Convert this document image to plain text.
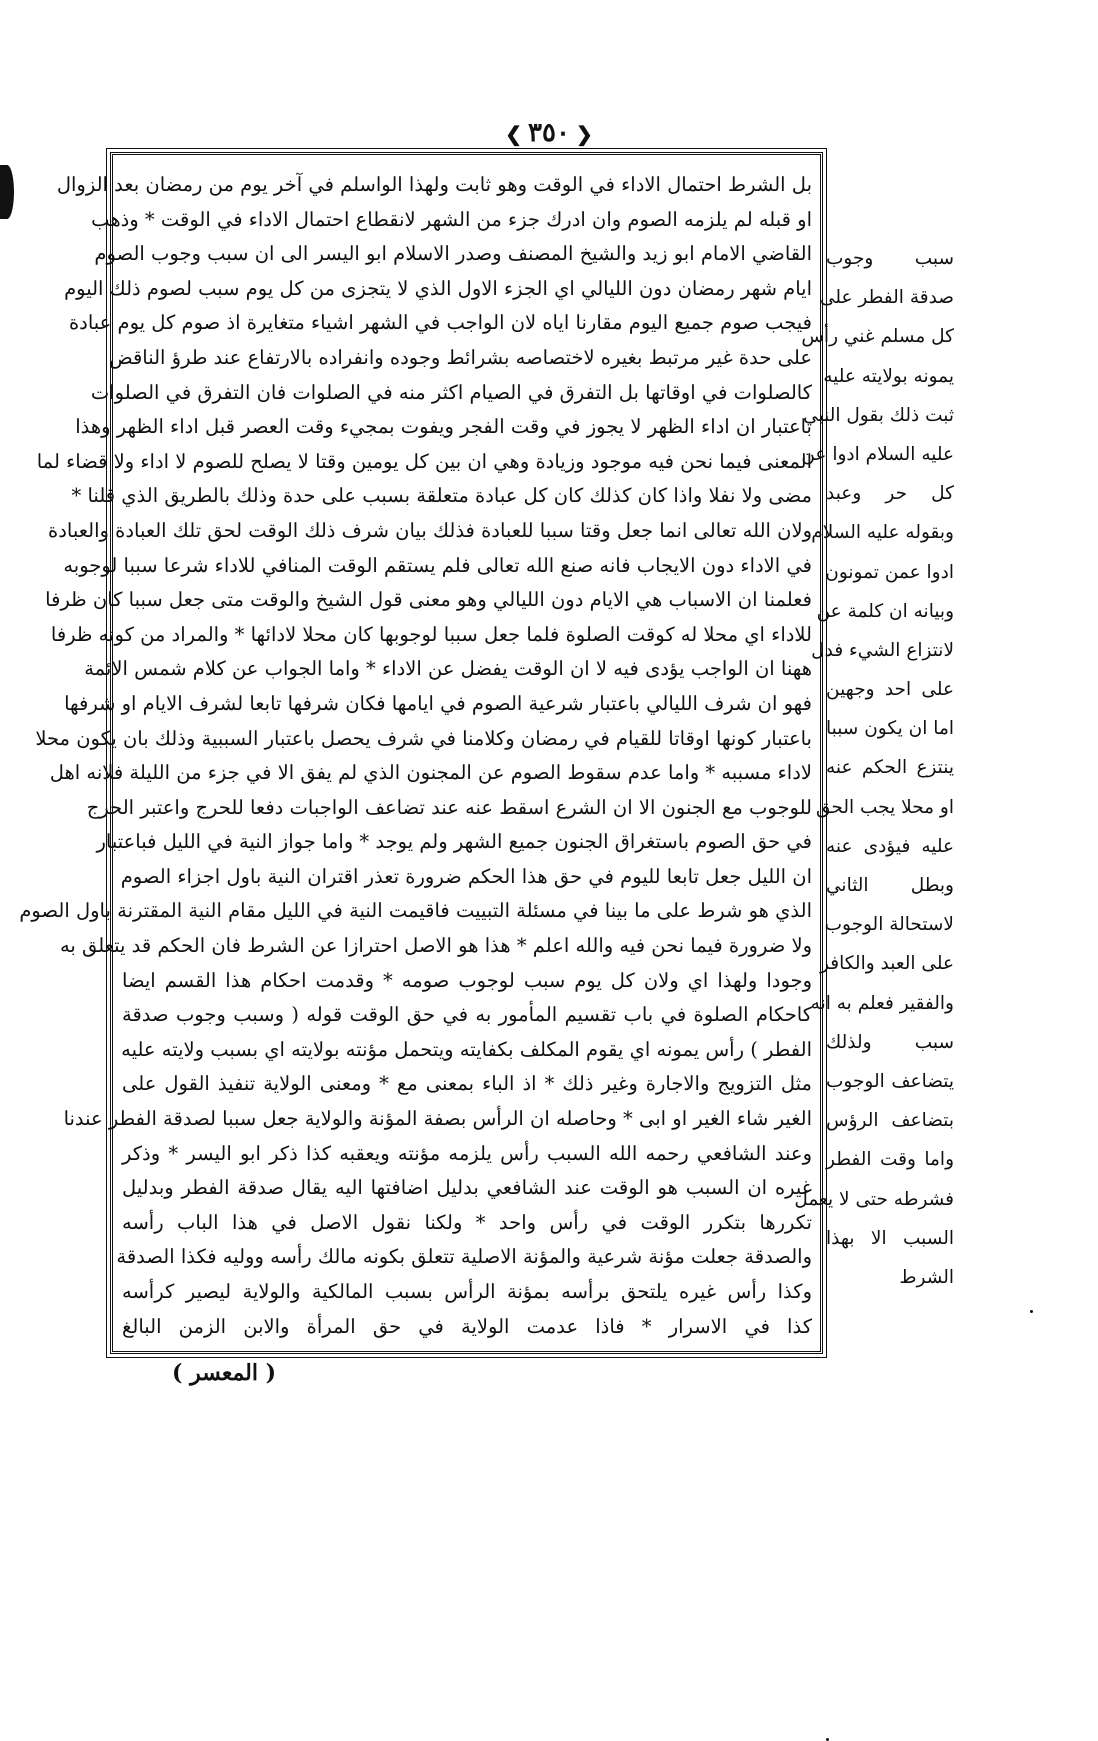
❮ ٣٥٠ ❯
بل الشرط احتمال الاداء في الوقت وهو ثابت ولهذا الواسلم في آخر يوم من رمضان بعد الزوال
او قبله لم يلزمه الصوم وان ادرك جزء من الشهر لانقطاع احتمال الاداء في الوقت * وذهب
القاضي الامام ابو زيد والشيخ المصنف وصدر الاسلام ابو اليسر الى ان سبب وجوب الصوم
ايام شهر رمضان دون الليالي اي الجزء الاول الذي لا يتجزى من كل يوم سبب لصوم ذلك اليوم
فيجب صوم جميع اليوم مقارنا اياه لان الواجب في الشهر اشياء متغايرة اذ صوم كل يوم عبادة
على حدة غير مرتبط بغيره لاختصاصه بشرائط وجوده وانفراده بالارتفاع عند طرؤ الناقض
كالصلوات في اوقاتها بل التفرق في الصيام اكثر منه في الصلوات فان التفرق في الصلوات
باعتبار ان اداء الظهر لا يجوز في وقت الفجر ويفوت بمجيء وقت العصر قبل اداء الظهر وهذا
المعنى فيما نحن فيه موجود وزيادة وهي ان بين كل يومين وقتا لا يصلح للصوم لا اداء ولا قضاء لما
مضى ولا نفلا واذا كان كذلك كان كل عبادة متعلقة بسبب على حدة وذلك بالطريق الذي قلنا *
ولان الله تعالى انما جعل وقتا سببا للعبادة فذلك بيان شرف ذلك الوقت لحق تلك العبادة والعبادة
في الاداء دون الايجاب فانه صنع الله تعالى فلم يستقم الوقت المنافي للاداء شرعا سببا لوجوبه
فعلمنا ان الاسباب هي الايام دون الليالي وهو معنى قول الشيخ والوقت متى جعل سببا كان ظرفا
للاداء اي محلا له كوقت الصلوة فلما جعل سببا لوجوبها كان محلا لادائها * والمراد من كونه ظرفا
ههنا ان الواجب يؤدى فيه لا ان الوقت يفضل عن الاداء * واما الجواب عن كلام شمس الائمة
فهو ان شرف الليالي باعتبار شرعية الصوم في ايامها فكان شرفها تابعا لشرف الايام او شرفها
باعتبار كونها اوقاتا للقيام في رمضان وكلامنا في شرف يحصل باعتبار السببية وذلك بان يكون محلا
لاداء مسببه * واما عدم سقوط الصوم عن المجنون الذي لم يفق الا في جزء من الليلة فلانه اهل
للوجوب مع الجنون الا ان الشرع اسقط عنه عند تضاعف الواجبات دفعا للحرج واعتبر الحرج
في حق الصوم باستغراق الجنون جميع الشهر ولم يوجد * واما جواز النية في الليل فباعتبار
ان الليل جعل تابعا لليوم في حق هذا الحكم ضرورة تعذر اقتران النية باول اجزاء الصوم
الذي هو شرط على ما بينا في مسئلة التبييت فاقيمت النية في الليل مقام النية المقترنة باول الصوم
ولا ضرورة فيما نحن فيه والله اعلم * هذا هو الاصل احترازا عن الشرط فان الحكم قد يتعلق به
وجودا ولهذا اي ولان كل يوم سبب لوجوب صومه * وقدمت احكام هذا القسم ايضا
كاحكام الصلوة في باب تقسيم المأمور به في حق الوقت قوله ( وسبب وجوب صدقة
الفطر ) رأس يمونه اي يقوم المكلف بكفايته ويتحمل مؤنته بولايته اي بسبب ولايته عليه
مثل التزويج والاجارة وغير ذلك * اذ الباء بمعنى مع * ومعنى الولاية تنفيذ القول على
الغير شاء الغير او ابى * وحاصله ان الرأس بصفة المؤنة والولاية جعل سببا لصدقة الفطر عندنا
وعند الشافعي رحمه الله السبب رأس يلزمه مؤنته ويعقبه كذا ذكر ابو اليسر * وذكر
غيره ان السبب هو الوقت عند الشافعي بدليل اضافتها اليه يقال صدقة الفطر وبدليل
تكررها بتكرر الوقت في رأس واحد * ولكنا نقول الاصل في هذا الباب رأسه
والصدقة جعلت مؤنة شرعية والمؤنة الاصلية تتعلق بكونه مالك رأسه ووليه فكذا الصدقة
وكذا رأس غيره يلتحق برأسه بمؤنة الرأس بسبب المالكية والولاية ليصير كرأسه
كذا في الاسرار * فاذا عدمت الولاية في حق المرأة والابن الزمن البالغ
سبب وجوب
صدقة الفطر على
كل مسلم غني رأس
يمونه بولايته عليه
ثبت ذلك بقول النبي
عليه السلام ادوا عن
كل حر وعبد
وبقوله عليه السلام
ادوا عمن تمونون
وبيانه ان كلمة عن
لانتزاع الشيء فدل
على احد وجهين
اما ان يكون سببا
ينتزع الحكم عنه
او محلا يجب الحق
عليه فيؤدى عنه
وبطل الثاني
لاستحالة الوجوب
على العبد والكافر
والفقير فعلم به انه
سبب ولذلك
يتضاعف الوجوب
بتضاعف الرؤس
واما وقت الفطر
فشرطه حتى لا يعمل
السبب الا بهذا
الشرط
( المعسر )
